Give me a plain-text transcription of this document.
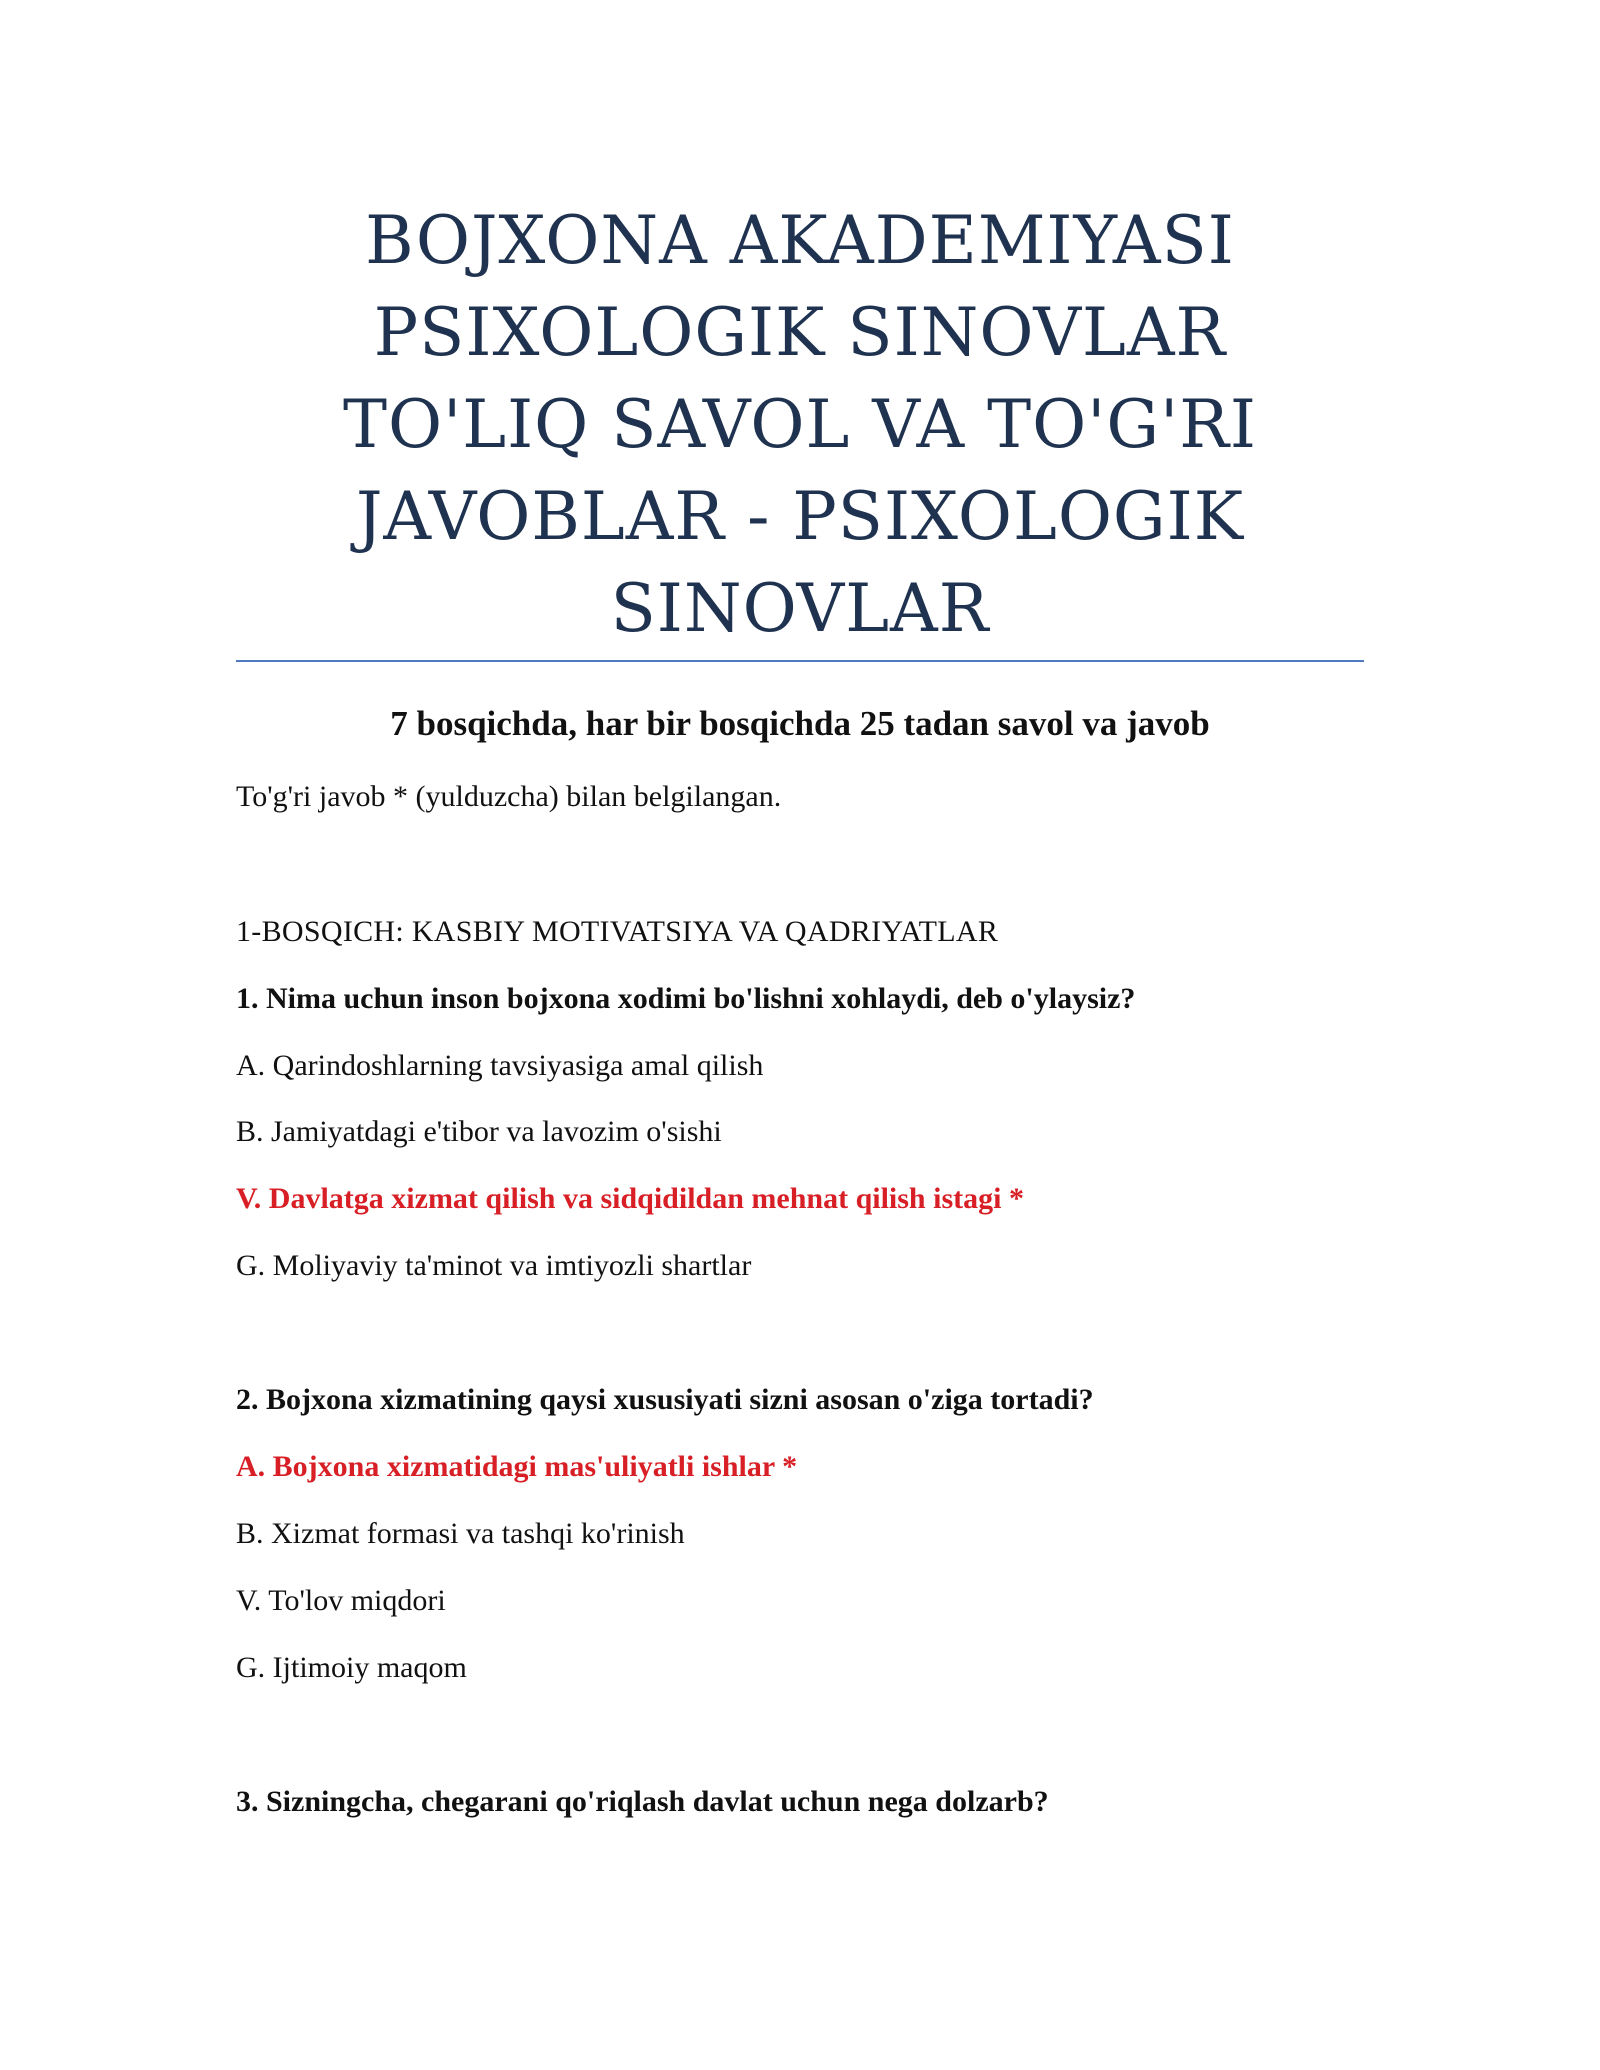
BOJXONA AKADEMIYASI
PSIXOLOGIK SINOVLAR
TO'LIQ SAVOL VA TO'G'RI
JAVOBLAR - PSIXOLOGIK
SINOVLAR
7 bosqichda, har bir bosqichda 25 tadan savol va javob

To'g'ri javob * (yulduzcha) bilan belgilangan.

1-BOSQICH: KASBIY MOTIVATSIYA VA QADRIYATLAR

1. Nima uchun inson bojxona xodimi bo'lishni xohlaydi, deb o'ylaysiz?

A. Qarindoshlarning tavsiyasiga amal qilish

B. Jamiyatdagi e'tibor va lavozim o'sishi

V. Davlatga xizmat qilish va sidqidildan mehnat qilish istagi *

G. Moliyaviy ta'minot va imtiyozli shartlar

2. Bojxona xizmatining qaysi xususiyati sizni asosan o'ziga tortadi?

A. Bojxona xizmatidagi mas'uliyatli ishlar *

B. Xizmat formasi va tashqi ko'rinish

V. To'lov miqdori

G. Ijtimoiy maqom

3. Sizningcha, chegarani qo'riqlash davlat uchun nega dolzarb?
